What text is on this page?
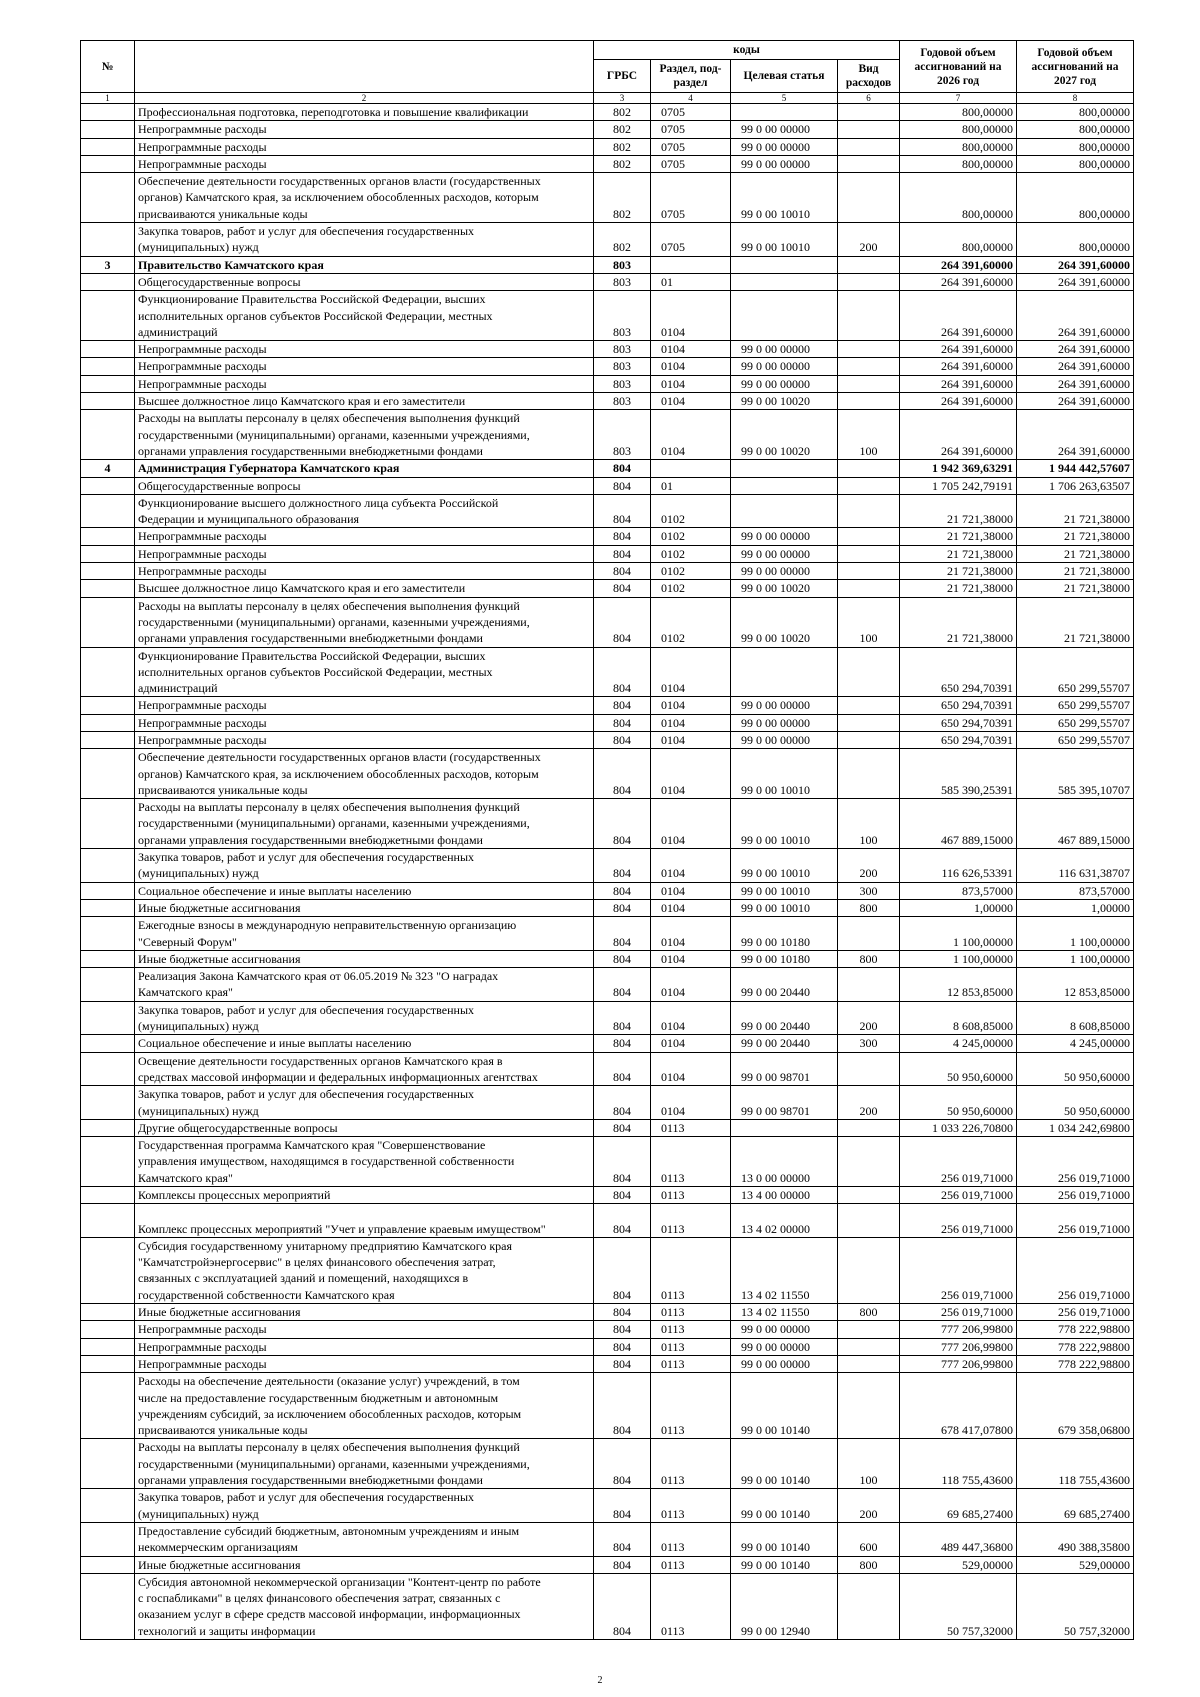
№		коды				Годовой объем ассигнований на 2026 год	Годовой объем ассигнований на 2027 год
		ГРБС	Раздел, под-раздел	Целевая статья	Вид расходов		
1	2	3	4	5	6	7	8
	Профессиональная подготовка, переподготовка и повышение квалификации	802	0705			800,00000	800,00000
	Непрограммные расходы	802	0705	99 0 00 00000		800,00000	800,00000
	Непрограммные расходы	802	0705	99 0 00 00000		800,00000	800,00000
	Непрограммные расходы	802	0705	99 0 00 00000		800,00000	800,00000
	Обеспечение деятельности государственных органов власти (государственных
органов) Камчатского края, за исключением обособленных расходов, которым
присваиваются уникальные коды	802	0705	99 0 00 10010		800,00000	800,00000
	Закупка товаров, работ и услуг для обеспечения государственных
(муниципальных) нужд	802	0705	99 0 00 10010	200	800,00000	800,00000
3	Правительство Камчатского края	803				264 391,60000	264 391,60000
	Общегосударственные вопросы	803	01			264 391,60000	264 391,60000
	Функционирование Правительства Российской Федерации, высших
исполнительных органов субъектов Российской Федерации, местных
администраций	803	0104			264 391,60000	264 391,60000
	Непрограммные расходы	803	0104	99 0 00 00000		264 391,60000	264 391,60000
	Непрограммные расходы	803	0104	99 0 00 00000		264 391,60000	264 391,60000
	Непрограммные расходы	803	0104	99 0 00 00000		264 391,60000	264 391,60000
	Высшее должностное лицо Камчатского края и его заместители	803	0104	99 0 00 10020		264 391,60000	264 391,60000
	Расходы на выплаты персоналу в целях обеспечения выполнения функций
государственными (муниципальными) органами, казенными учреждениями,
органами управления государственными внебюджетными фондами	803	0104	99 0 00 10020	100	264 391,60000	264 391,60000
4	Администрация Губернатора Камчатского края	804				1 942 369,63291	1 944 442,57607
	Общегосударственные вопросы	804	01			1 705 242,79191	1 706 263,63507
	Функционирование высшего должностного лица субъекта Российской
Федерации и муниципального образования	804	0102			21 721,38000	21 721,38000
	Непрограммные расходы	804	0102	99 0 00 00000		21 721,38000	21 721,38000
	Непрограммные расходы	804	0102	99 0 00 00000		21 721,38000	21 721,38000
	Непрограммные расходы	804	0102	99 0 00 00000		21 721,38000	21 721,38000
	Высшее должностное лицо Камчатского края и его заместители	804	0102	99 0 00 10020		21 721,38000	21 721,38000
	Расходы на выплаты персоналу в целях обеспечения выполнения функций
государственными (муниципальными) органами, казенными учреждениями,
органами управления государственными внебюджетными фондами	804	0102	99 0 00 10020	100	21 721,38000	21 721,38000
	Функционирование Правительства Российской Федерации, высших
исполнительных органов субъектов Российской Федерации, местных
администраций	804	0104			650 294,70391	650 299,55707
	Непрограммные расходы	804	0104	99 0 00 00000		650 294,70391	650 299,55707
	Непрограммные расходы	804	0104	99 0 00 00000		650 294,70391	650 299,55707
	Непрограммные расходы	804	0104	99 0 00 00000		650 294,70391	650 299,55707
	Обеспечение деятельности государственных органов власти (государственных
органов) Камчатского края, за исключением обособленных расходов, которым
присваиваются уникальные коды	804	0104	99 0 00 10010		585 390,25391	585 395,10707
	Расходы на выплаты персоналу в целях обеспечения выполнения функций
государственными (муниципальными) органами, казенными учреждениями,
органами управления государственными внебюджетными фондами	804	0104	99 0 00 10010	100	467 889,15000	467 889,15000
	Закупка товаров, работ и услуг для обеспечения государственных
(муниципальных) нужд	804	0104	99 0 00 10010	200	116 626,53391	116 631,38707
	Социальное обеспечение и иные выплаты населению	804	0104	99 0 00 10010	300	873,57000	873,57000
	Иные бюджетные ассигнования	804	0104	99 0 00 10010	800	1,00000	1,00000
	Ежегодные взносы в международную неправительственную организацию
"Северный Форум"	804	0104	99 0 00 10180		1 100,00000	1 100,00000
	Иные бюджетные ассигнования	804	0104	99 0 00 10180	800	1 100,00000	1 100,00000
	Реализация Закона Камчатского края от 06.05.2019 № 323 "О наградах
Камчатского края"	804	0104	99 0 00 20440		12 853,85000	12 853,85000
	Закупка товаров, работ и услуг для обеспечения государственных
(муниципальных) нужд	804	0104	99 0 00 20440	200	8 608,85000	8 608,85000
	Социальное обеспечение и иные выплаты населению	804	0104	99 0 00 20440	300	4 245,00000	4 245,00000
	Освещение деятельности государственных органов Камчатского края в
средствах массовой информации и федеральных информационных агентствах	804	0104	99 0 00 98701		50 950,60000	50 950,60000
	Закупка товаров, работ и услуг для обеспечения государственных
(муниципальных) нужд	804	0104	99 0 00 98701	200	50 950,60000	50 950,60000
	Другие общегосударственные вопросы	804	0113			1 033 226,70800	1 034 242,69800
	Государственная программа Камчатского края "Совершенствование
управления имуществом, находящимся в государственной собственности
Камчатского края"	804	0113	13 0 00 00000		256 019,71000	256 019,71000
	Комплексы процессных мероприятий	804	0113	13 4 00 00000		256 019,71000	256 019,71000

Комплекс процессных мероприятий "Учет и управление краевым имуществом"	804	0113	13 4 02 00000		256 019,71000	256 019,71000
	Субсидия государственному унитарному предприятию Камчатского края
"Камчатстройэнергосервис" в целях финансового обеспечения затрат,
связанных с эксплуатацией зданий и помещений, находящихся в
государственной собственности Камчатского края	804	0113	13 4 02 11550		256 019,71000	256 019,71000
	Иные бюджетные ассигнования	804	0113	13 4 02 11550	800	256 019,71000	256 019,71000
	Непрограммные расходы	804	0113	99 0 00 00000		777 206,99800	778 222,98800
	Непрограммные расходы	804	0113	99 0 00 00000		777 206,99800	778 222,98800
	Непрограммные расходы	804	0113	99 0 00 00000		777 206,99800	778 222,98800
	Расходы на обеспечение деятельности (оказание услуг) учреждений, в том
числе на предоставление государственным бюджетным и автономным
учреждениям субсидий, за исключением обособленных расходов, которым
присваиваются уникальные коды	804	0113	99 0 00 10140		678 417,07800	679 358,06800
	Расходы на выплаты персоналу в целях обеспечения выполнения функций
государственными (муниципальными) органами, казенными учреждениями,
органами управления государственными внебюджетными фондами	804	0113	99 0 00 10140	100	118 755,43600	118 755,43600
	Закупка товаров, работ и услуг для обеспечения государственных
(муниципальных) нужд	804	0113	99 0 00 10140	200	69 685,27400	69 685,27400
	Предоставление субсидий бюджетным, автономным учреждениям и иным
некоммерческим организациям	804	0113	99 0 00 10140	600	489 447,36800	490 388,35800
	Иные бюджетные ассигнования	804	0113	99 0 00 10140	800	529,00000	529,00000
	Субсидия автономной некоммерческой организации "Контент-центр по работе
с госпабликами" в целях финансового обеспечения затрат, связанных с
оказанием услуг в сфере средств массовой информации, информационных
технологий и защиты информации	804	0113	99 0 00 12940		50 757,32000	50 757,32000
2
